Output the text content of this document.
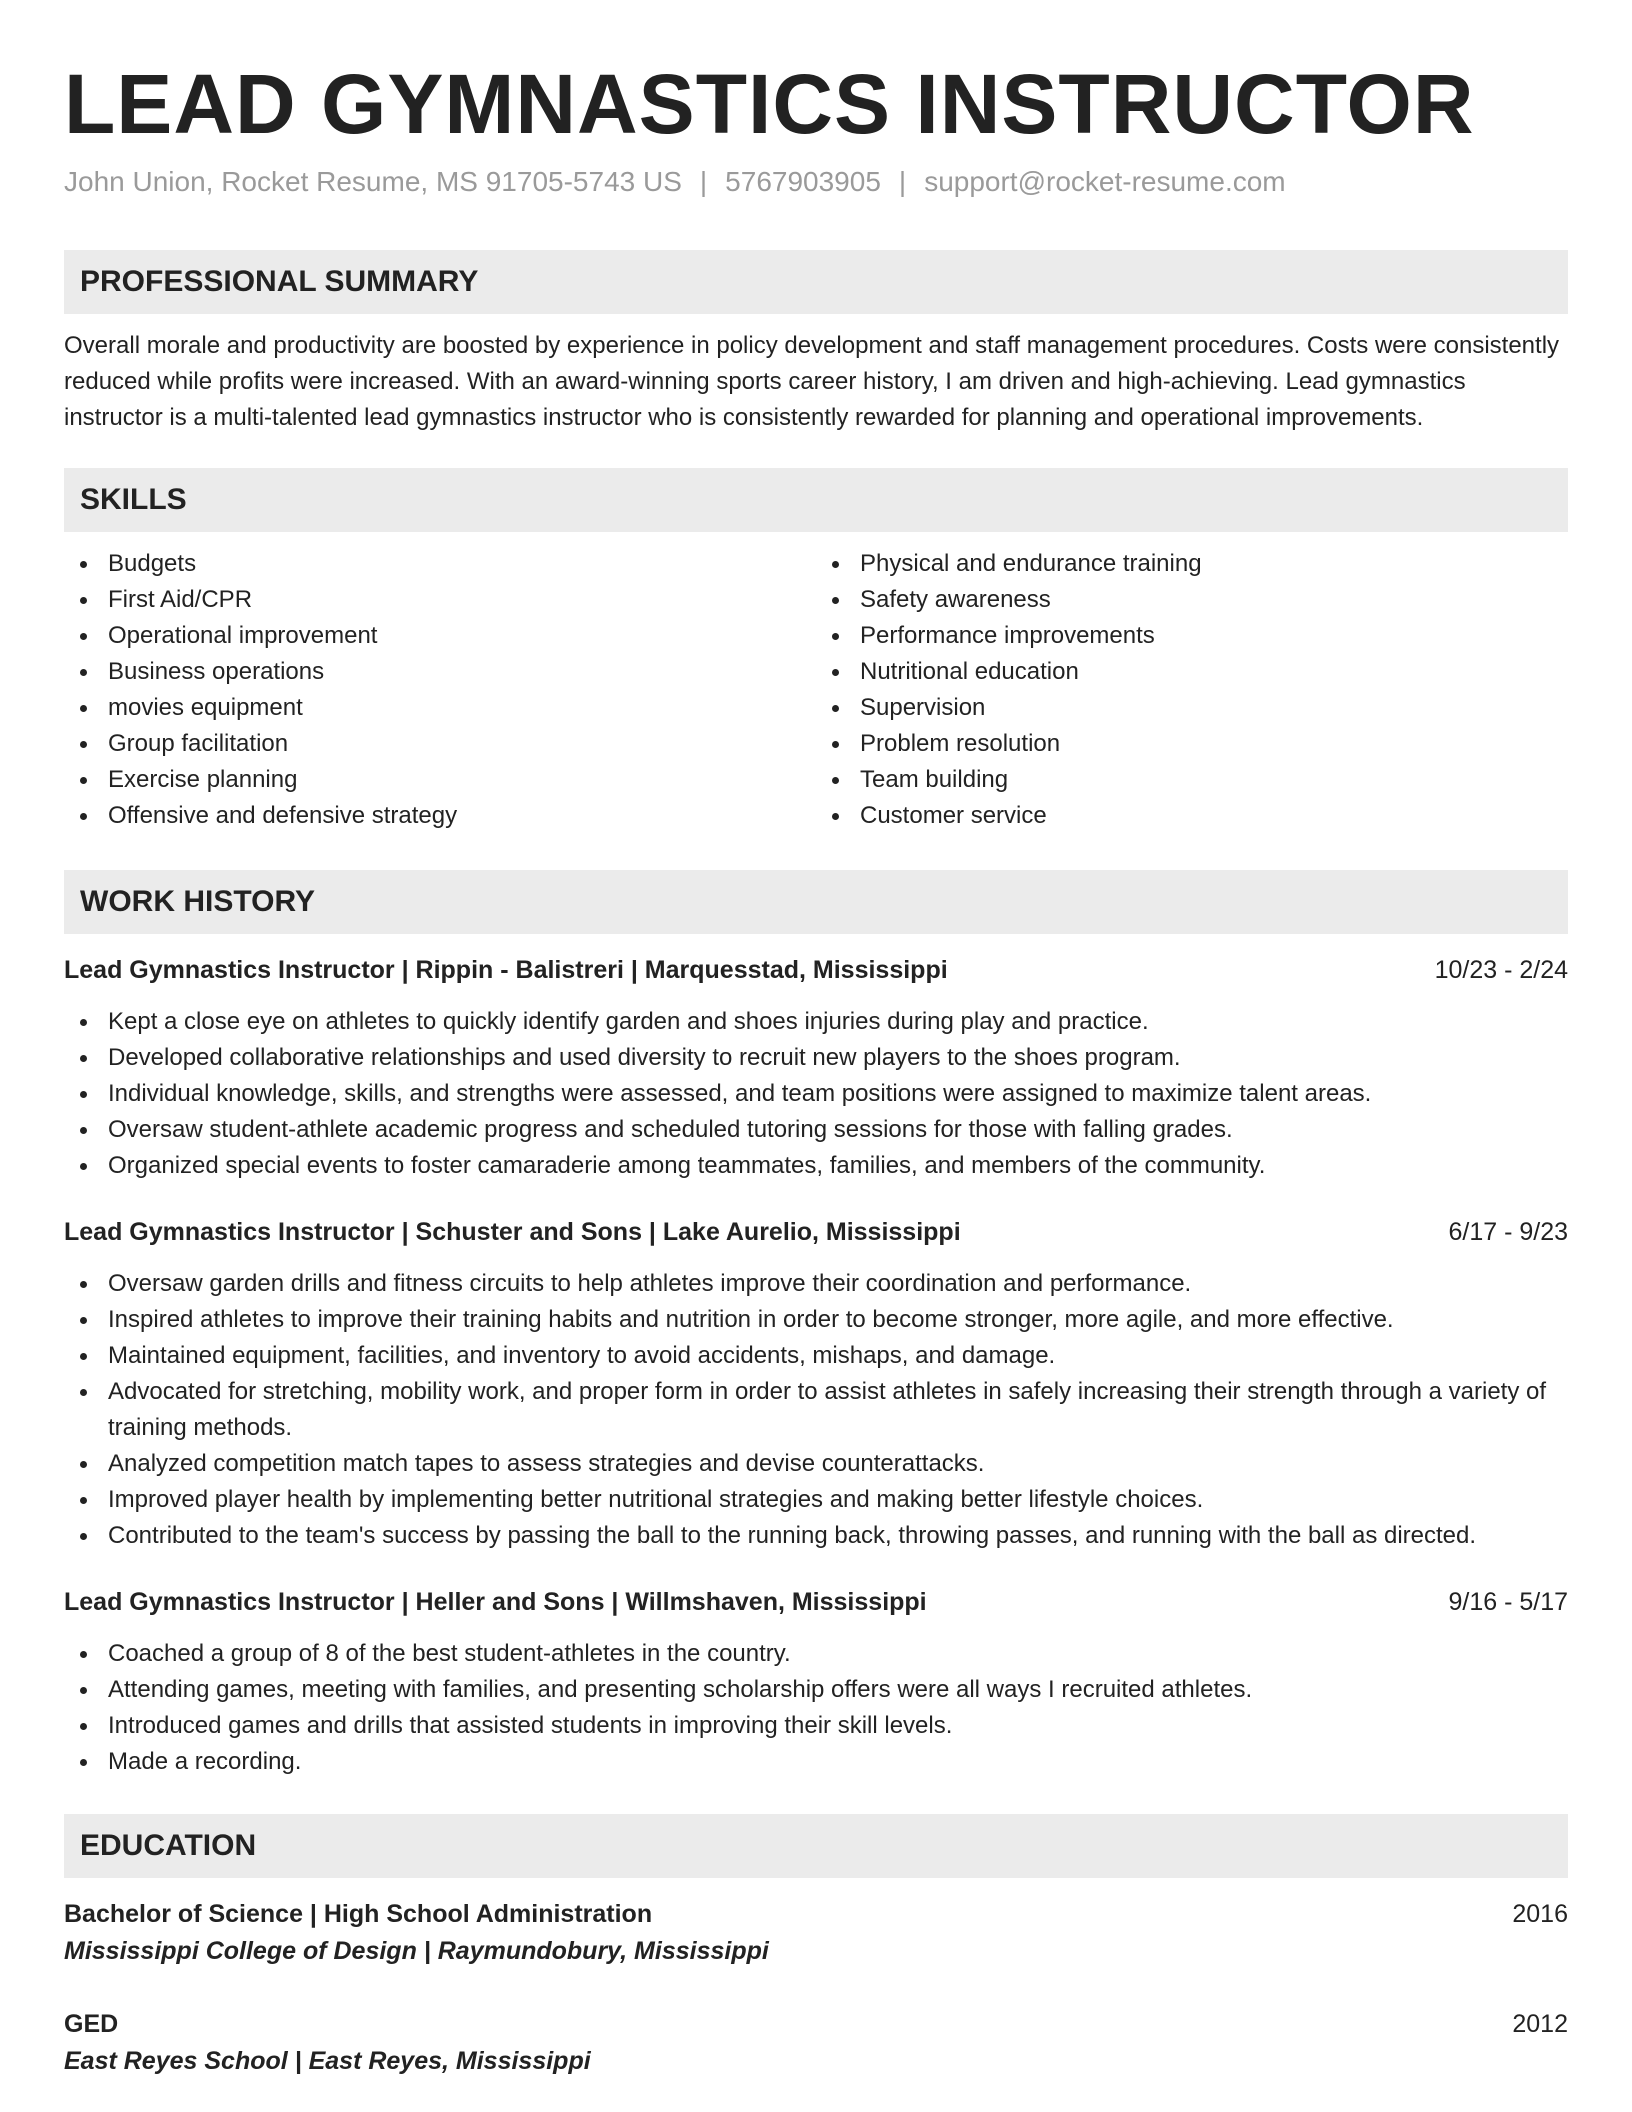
LEAD GYMNASTICS INSTRUCTOR
John Union, Rocket Resume, MS 91705-5743 US | 5767903905 | support@rocket-resume.com
PROFESSIONAL SUMMARY
Overall morale and productivity are boosted by experience in policy development and staff management procedures. Costs were consistently reduced while profits were increased. With an award-winning sports career history, I am driven and high-achieving. Lead gymnastics instructor is a multi-talented lead gymnastics instructor who is consistently rewarded for planning and operational improvements.
SKILLS
Budgets
First Aid/CPR
Operational improvement
Business operations
movies equipment
Group facilitation
Exercise planning
Offensive and defensive strategy
Physical and endurance training
Safety awareness
Performance improvements
Nutritional education
Supervision
Problem resolution
Team building
Customer service
WORK HISTORY
Lead Gymnastics Instructor | Rippin - Balistreri | Marquesstad, Mississippi	10/23 - 2/24
Kept a close eye on athletes to quickly identify garden and shoes injuries during play and practice.
Developed collaborative relationships and used diversity to recruit new players to the shoes program.
Individual knowledge, skills, and strengths were assessed, and team positions were assigned to maximize talent areas.
Oversaw student-athlete academic progress and scheduled tutoring sessions for those with falling grades.
Organized special events to foster camaraderie among teammates, families, and members of the community.
Lead Gymnastics Instructor | Schuster and Sons | Lake Aurelio, Mississippi	6/17 - 9/23
Oversaw garden drills and fitness circuits to help athletes improve their coordination and performance.
Inspired athletes to improve their training habits and nutrition in order to become stronger, more agile, and more effective.
Maintained equipment, facilities, and inventory to avoid accidents, mishaps, and damage.
Advocated for stretching, mobility work, and proper form in order to assist athletes in safely increasing their strength through a variety of training methods.
Analyzed competition match tapes to assess strategies and devise counterattacks.
Improved player health by implementing better nutritional strategies and making better lifestyle choices.
Contributed to the team's success by passing the ball to the running back, throwing passes, and running with the ball as directed.
Lead Gymnastics Instructor | Heller and Sons | Willmshaven, Mississippi	9/16 - 5/17
Coached a group of 8 of the best student-athletes in the country.
Attending games, meeting with families, and presenting scholarship offers were all ways I recruited athletes.
Introduced games and drills that assisted students in improving their skill levels.
Made a recording.
EDUCATION
Bachelor of Science | High School Administration	2016
Mississippi College of Design | Raymundobury, Mississippi
GED	2012
East Reyes School | East Reyes, Mississippi
